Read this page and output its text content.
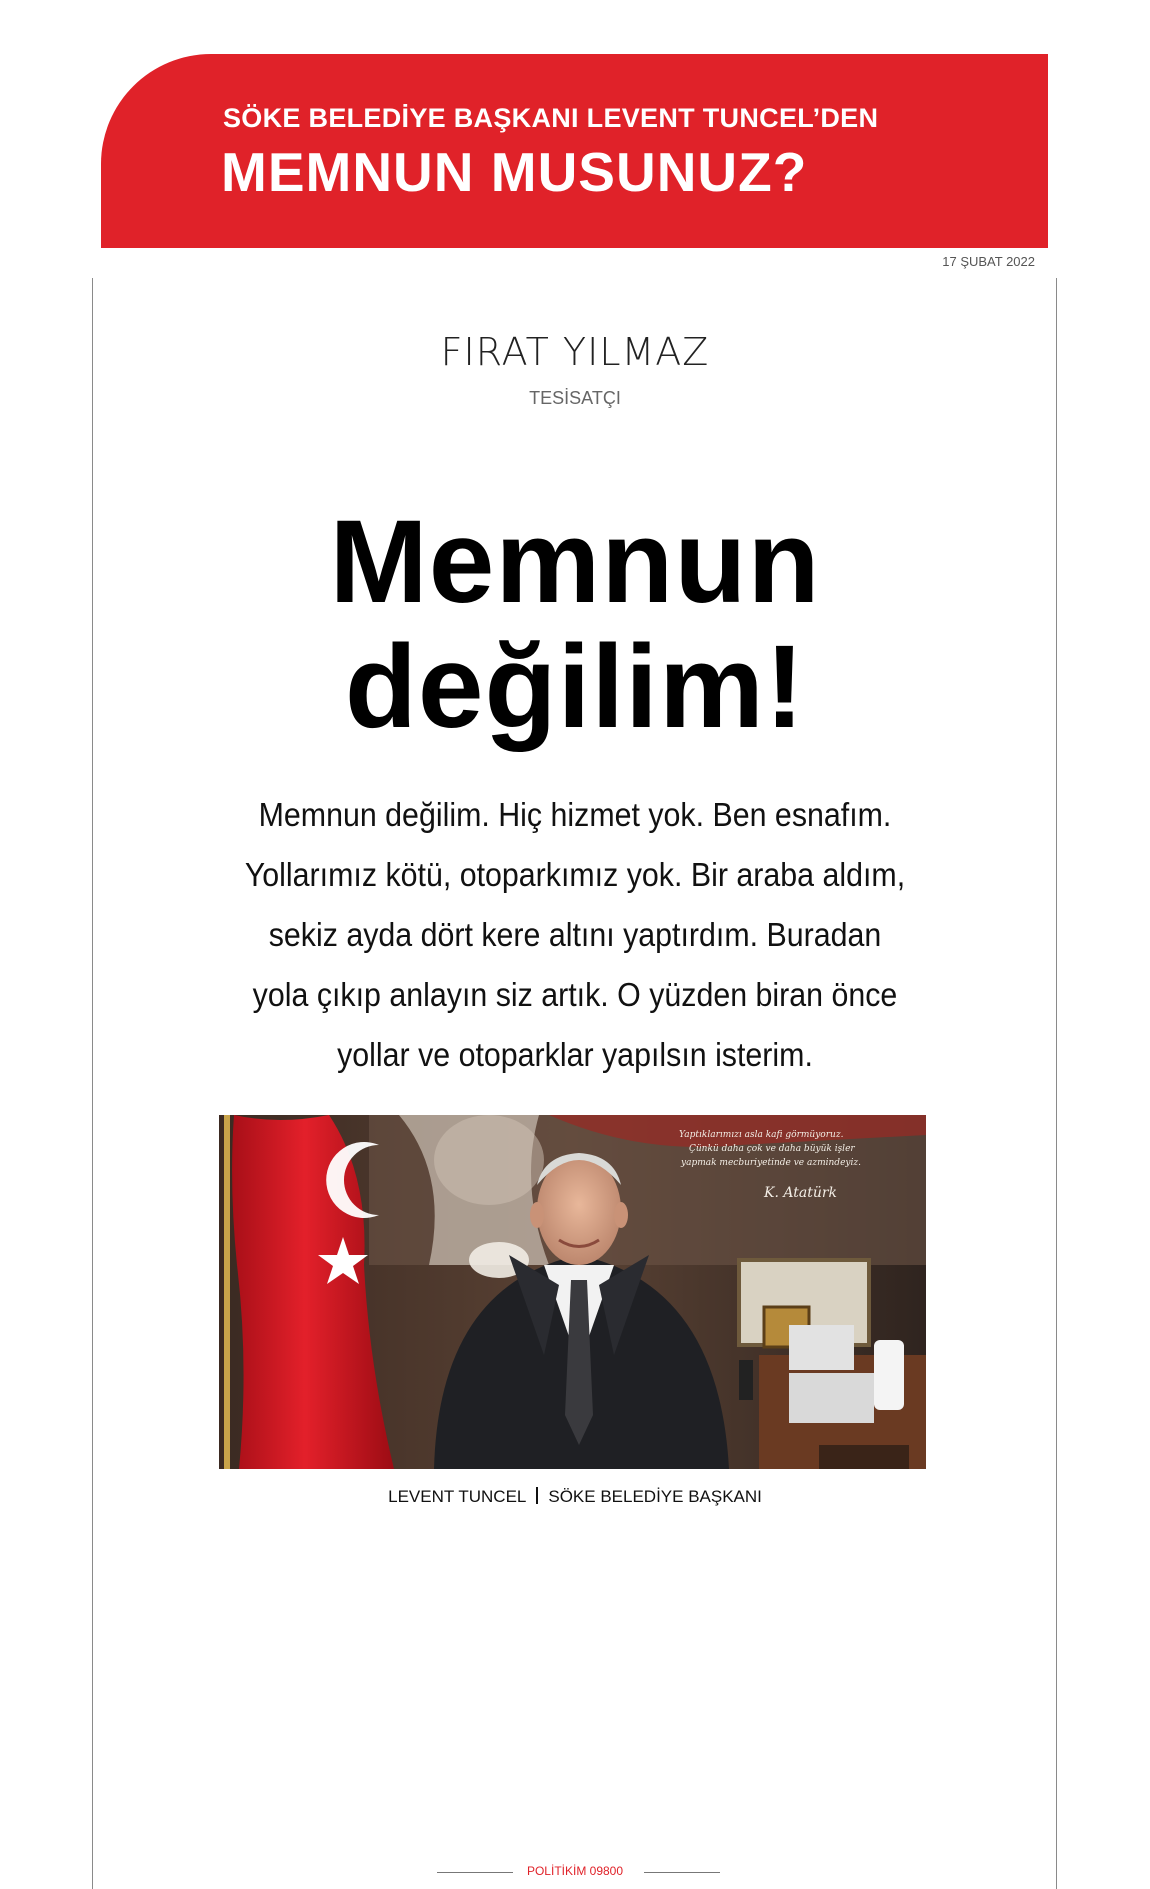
SÖKE BELEDİYE BAŞKANI LEVENT TUNCEL’DEN
MEMNUN MUSUNUZ?
17 ŞUBAT 2022
FIRAT YILMAZ
TESİSATÇI
Memnun
değilim!
Memnun değilim. Hiç hizmet yok. Ben esnafım.
Yollarımız kötü, otoparkımız yok. Bir araba aldım,
sekiz ayda dört kere altını yaptırdım. Buradan
yola çıkıp anlayın siz artık. O yüzden biran önce
yollar ve otoparklar yapılsın isterim.
Yaptıklarımızı asla kafi görmüyoruz.
Çünkü daha çok ve daha büyük işler
yapmak mecburiyetinde ve azmindeyiz.
K. Atatürk
LEVENT TUNCEL SÖKE BELEDİYE BAŞKANI
POLİTİKİM 09800
